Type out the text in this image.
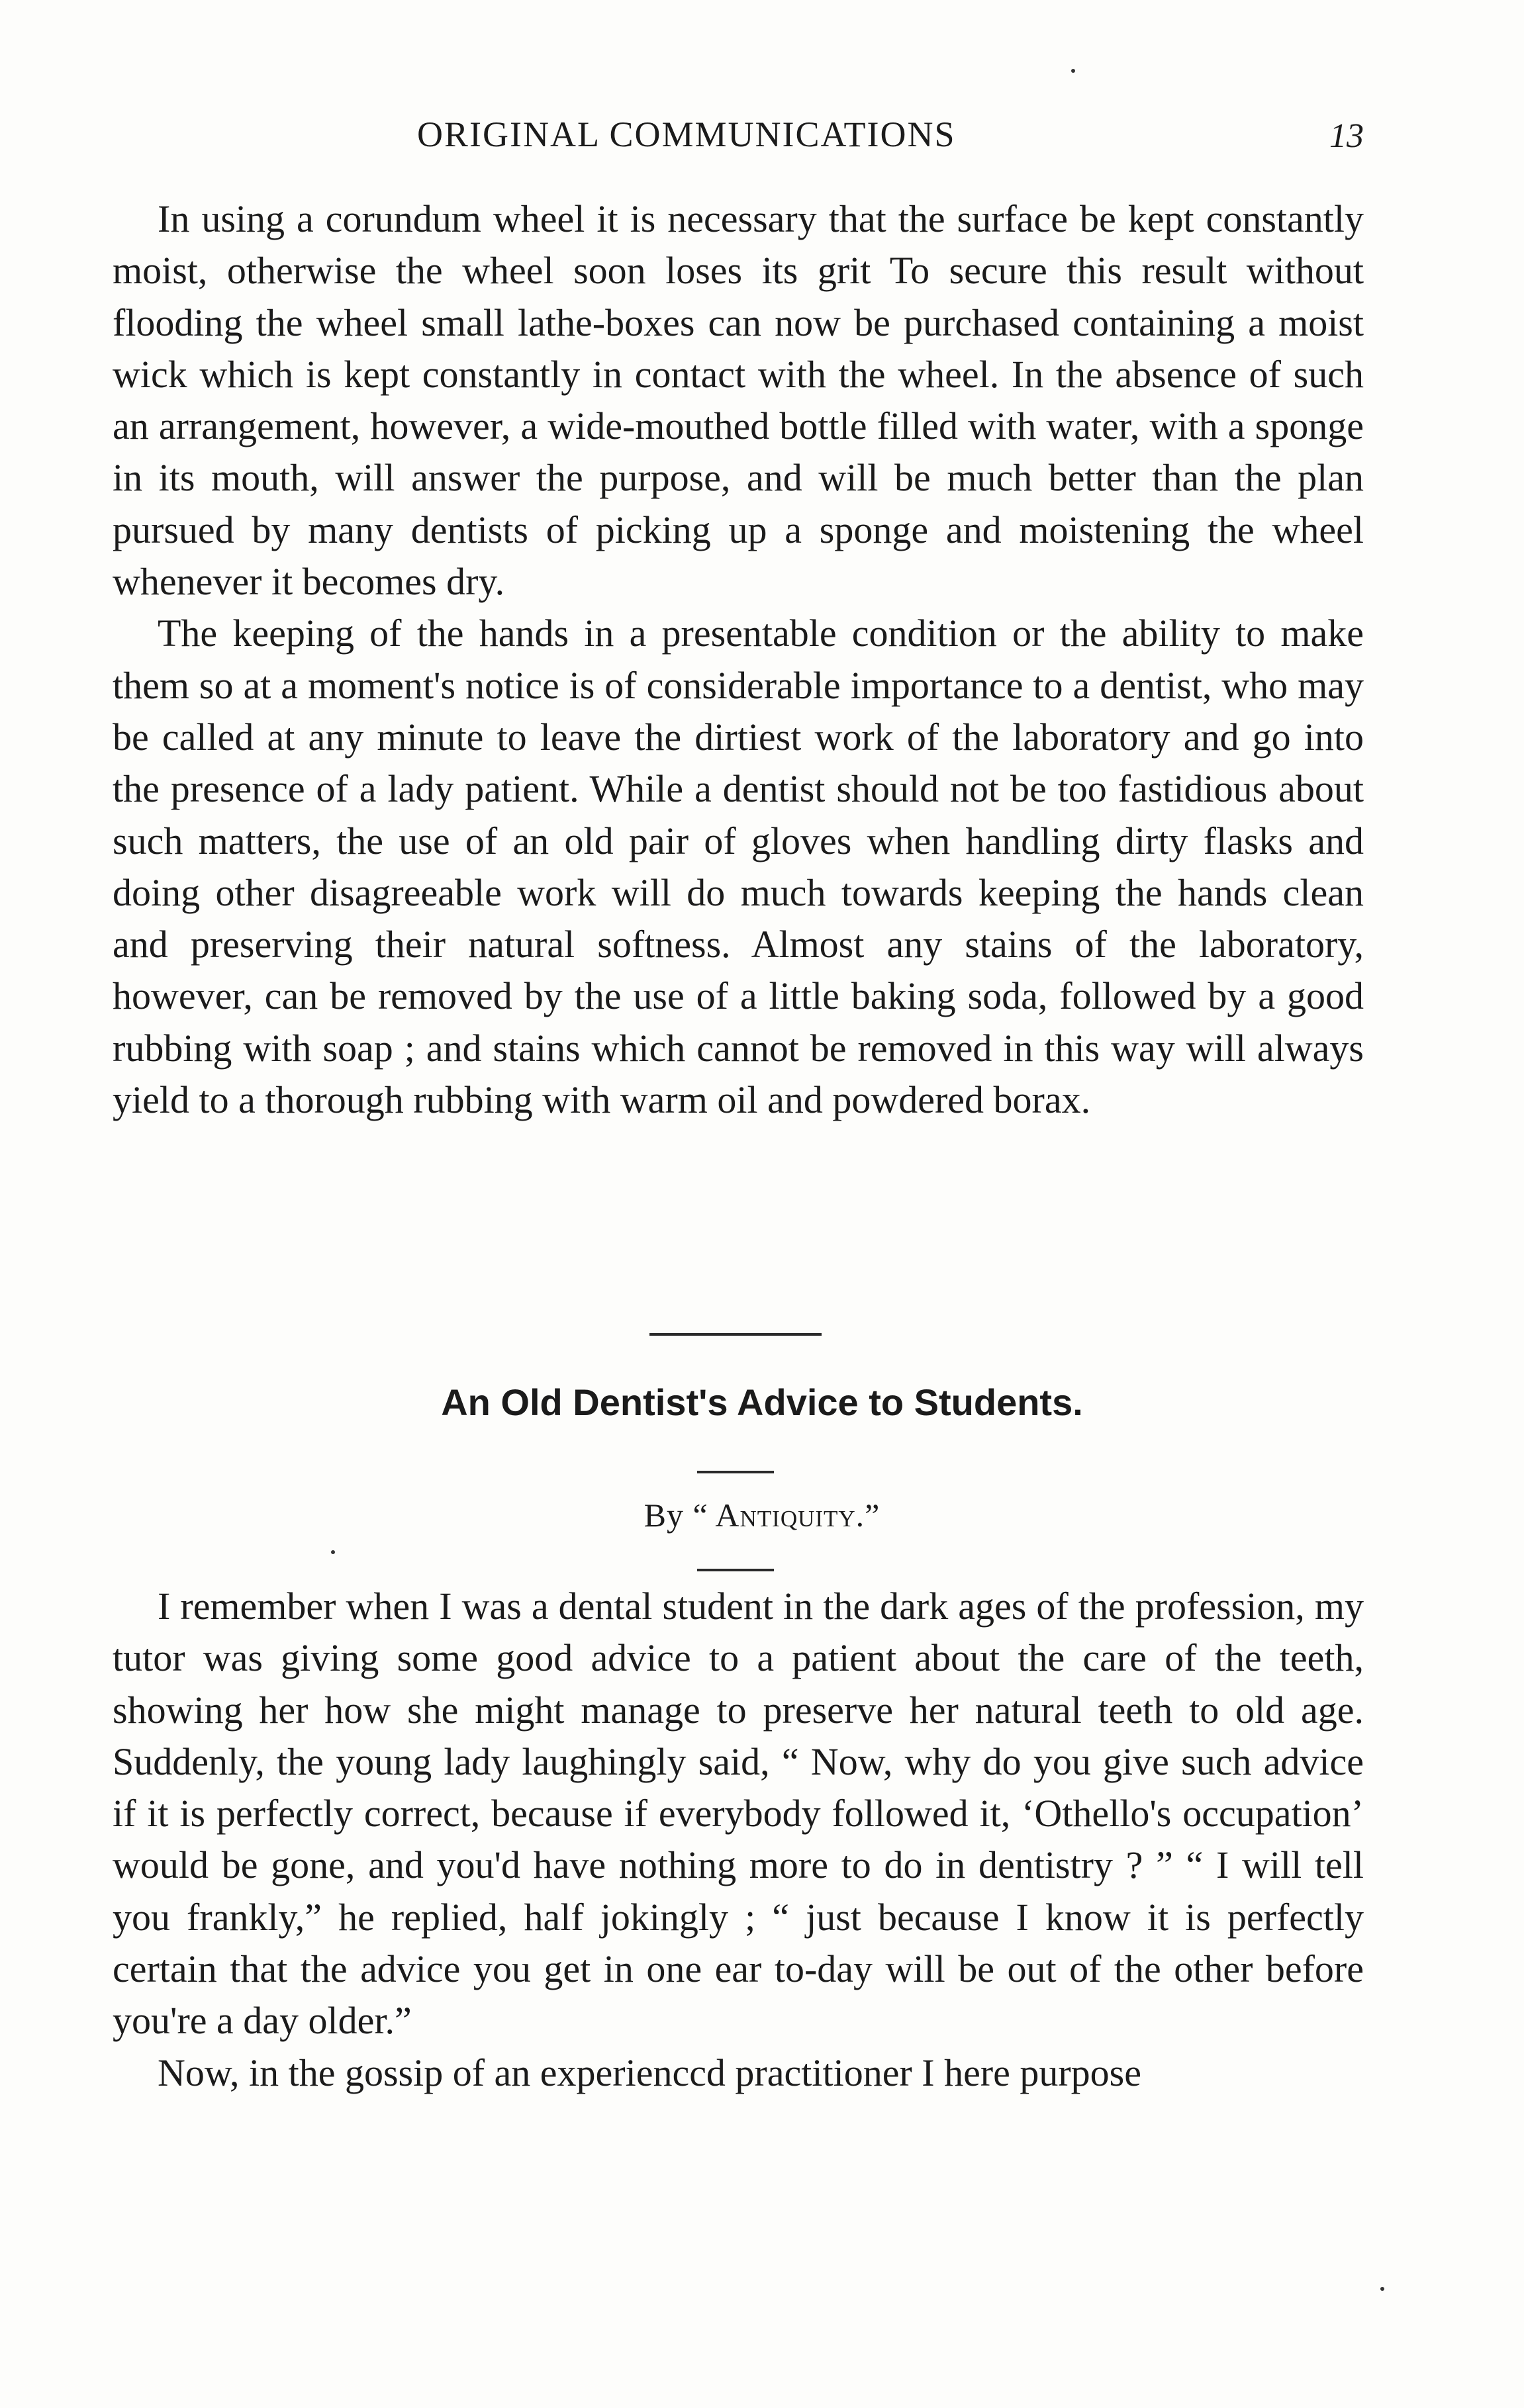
ORIGINAL COMMUNICATIONS	13

In using a corundum wheel it is necessary that the surface be kept constantly moist, otherwise the wheel soon loses its grit To secure this result without flooding the wheel small lathe-boxes can now be purchased containing a moist wick which is kept constantly in contact with the wheel. In the absence of such an arrangement, however, a wide-mouthed bottle filled with water, with a sponge in its mouth, will answer the purpose, and will be much better than the plan pursued by many dentists of picking up a sponge and moistening the wheel whenever it becomes dry.

The keeping of the hands in a presentable condition or the ability to make them so at a moment's notice is of considerable importance to a dentist, who may be called at any minute to leave the dirtiest work of the laboratory and go into the presence of a lady patient. While a dentist should not be too fastidious about such matters, the use of an old pair of gloves when handling dirty flasks and doing other disagreeable work will do much towards keeping the hands clean and preserving their natural softness. Almost any stains of the laboratory, however, can be removed by the use of a little baking soda, followed by a good rubbing with soap ; and stains which cannot be removed in this way will always yield to a thorough rubbing with warm oil and powdered borax.

An Old Dentist's Advice to Students.
By “ Antiquity.”

I remember when I was a dental student in the dark ages of the profession, my tutor was giving some good advice to a patient about the care of the teeth, showing her how she might manage to preserve her natural teeth to old age. Suddenly, the young lady laughingly said, “ Now, why do you give such advice if it is perfectly correct, because if everybody followed it, ‘Othello's occupation’ would be gone, and you'd have nothing more to do in dentistry ? ” “ I will tell you frankly,” he replied, half jokingly ; “ just because I know it is perfectly certain that the advice you get in one ear to-day will be out of the other before you're a day older.”

Now, in the gossip of an experienccd practitioner I here purpose
